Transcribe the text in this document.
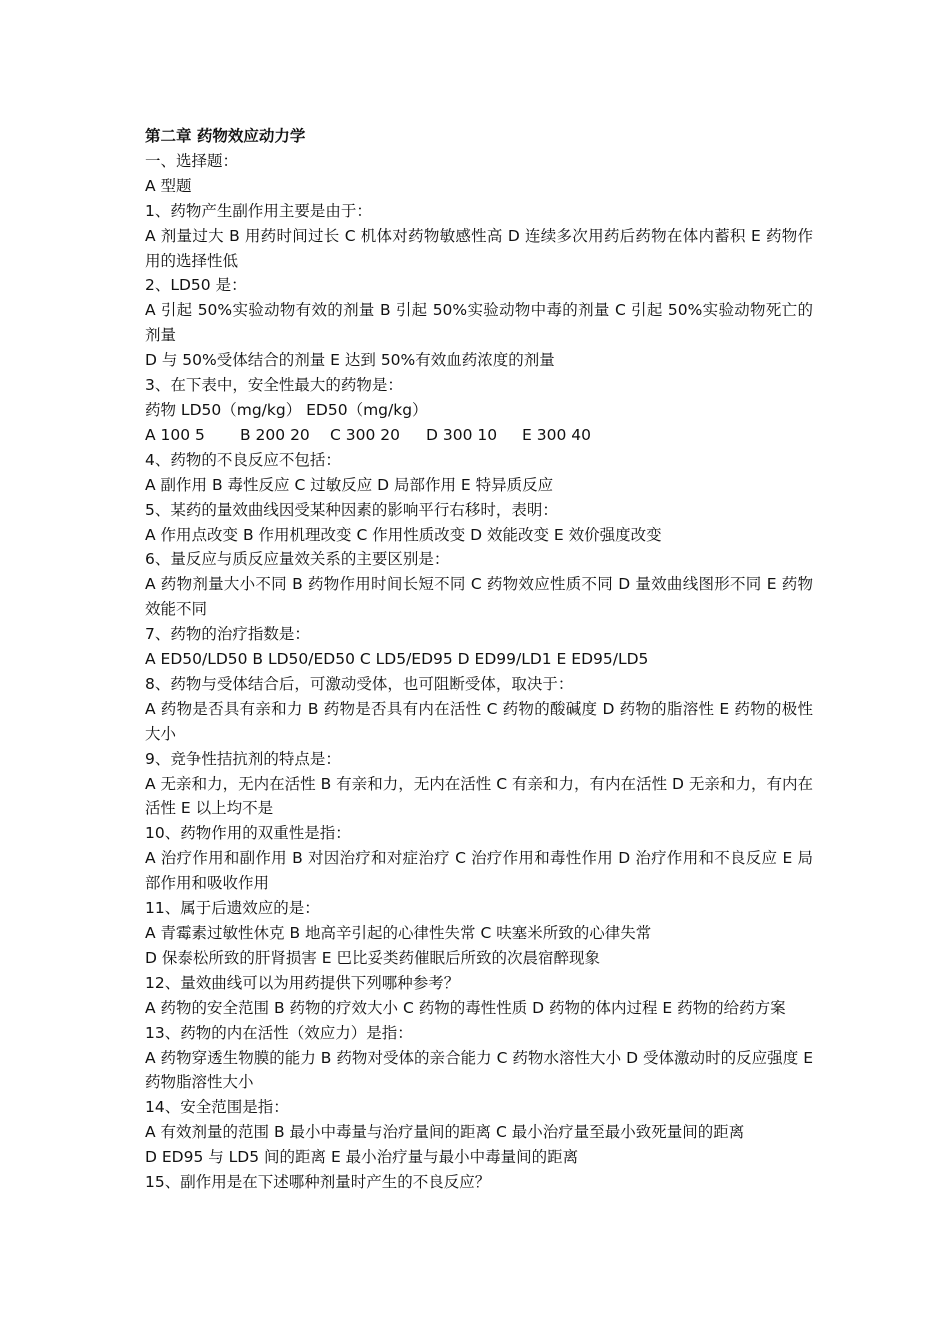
第二章 药物效应动力学
一、选择题：
A 型题
1、药物产生副作用主要是由于：
A 剂量过大 B 用药时间过长 C 机体对药物敏感性高 D 连续多次用药后药物在体内蓄积 E 药物作用的选择性低
2、LD50 是：
A 引起 50%实验动物有效的剂量 B 引起 50%实验动物中毒的剂量 C 引起 50%实验动物死亡的剂量
D 与 50%受体结合的剂量 E 达到 50%有效血药浓度的剂量
3、在下表中，安全性最大的药物是：
药物 LD50（mg/kg） ED50（mg/kg）
A 100 5	B 200 20	C 300 20	D 300 10	E 300 40
4、药物的不良反应不包括：
A 副作用 B 毒性反应 C 过敏反应 D 局部作用 E 特异质反应
5、某药的量效曲线因受某种因素的影响平行右移时，表明：
A 作用点改变 B 作用机理改变 C 作用性质改变 D 效能改变 E 效价强度改变
6、量反应与质反应量效关系的主要区别是：
A 药物剂量大小不同 B 药物作用时间长短不同 C 药物效应性质不同 D 量效曲线图形不同 E 药物效能不同
7、药物的治疗指数是：
A ED50/LD50 B LD50/ED50 C LD5/ED95 D ED99/LD1 E ED95/LD5
8、药物与受体结合后，可激动受体，也可阻断受体，取决于：
A 药物是否具有亲和力 B 药物是否具有内在活性 C 药物的酸碱度 D 药物的脂溶性 E 药物的极性大小
9、竞争性拮抗剂的特点是：
A 无亲和力，无内在活性 B 有亲和力，无内在活性 C 有亲和力，有内在活性 D 无亲和力，有内在活性 E 以上均不是
10、药物作用的双重性是指：
A 治疗作用和副作用 B 对因治疗和对症治疗 C 治疗作用和毒性作用 D 治疗作用和不良反应 E 局部作用和吸收作用
11、属于后遗效应的是：
A 青霉素过敏性休克 B 地高辛引起的心律性失常 C 呋塞米所致的心律失常
D 保泰松所致的肝肾损害 E 巴比妥类药催眠后所致的次晨宿醉现象
12、量效曲线可以为用药提供下列哪种参考？
A 药物的安全范围 B 药物的疗效大小 C 药物的毒性性质 D 药物的体内过程 E 药物的给药方案
13、药物的内在活性（效应力）是指：
A 药物穿透生物膜的能力 B 药物对受体的亲合能力 C 药物水溶性大小 D 受体激动时的反应强度 E 药物脂溶性大小
14、安全范围是指：
A 有效剂量的范围 B 最小中毒量与治疗量间的距离 C 最小治疗量至最小致死量间的距离
D ED95 与 LD5 间的距离 E 最小治疗量与最小中毒量间的距离
15、副作用是在下述哪种剂量时产生的不良反应？
